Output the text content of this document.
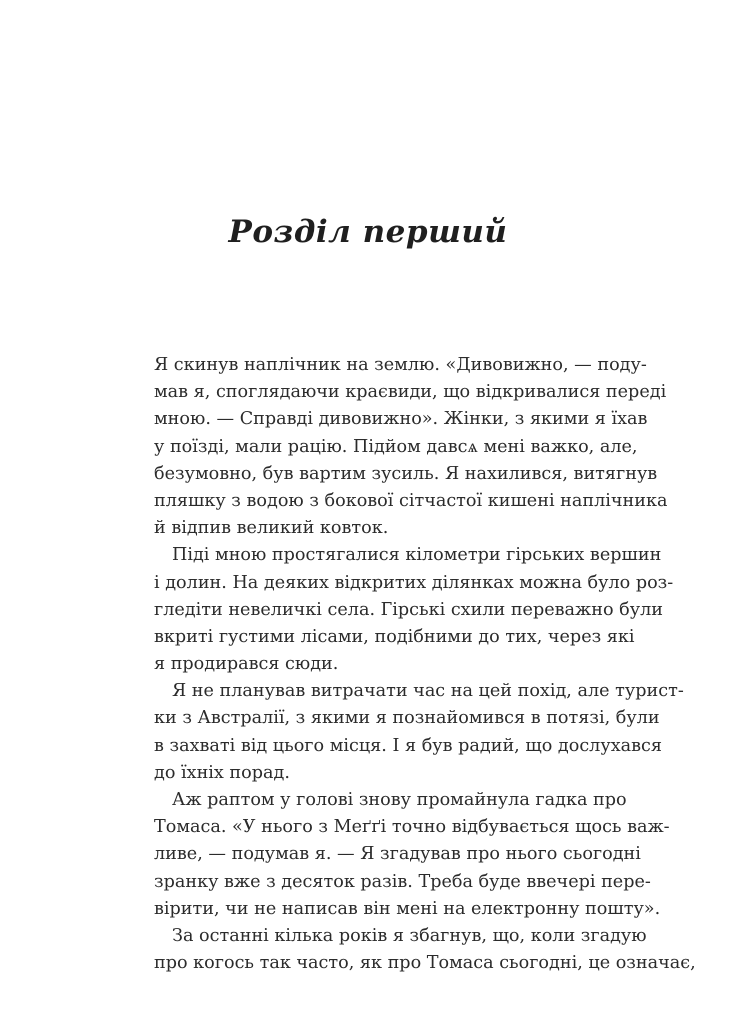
Розділ перший
Я скинув наплічник на землю. «Дивовижно, — поду-
мав я, споглядаючи краєвиди, що відкривалися переді
мною. — Справді дивовижно». Жінки, з якими я їхав
у поїзді, мали рацію. Підйом давсѧ мені важко, але,
безумовно, був вартим зусиль. Я нахилився, витягнув
пляшку з водою з бокової сітчастої кишені наплічника
й відпив великий ковток.
Піді мною простягалися кілометри гірських вершин
і долин. На деяких відкритих ділянках можна було роз-
гледіти невеличкі села. Гірські схили переважно були
вкриті густими лісами, подібними до тих, через які
я продирався сюди.
Я не планував витрачати час на цей похід, але турист-
ки з Австралії, з якими я познайомився в потязі, були
в захваті від цього місця. І я був радий, що дослухався
до їхніх порад.
Аж раптом у голові знову промайнула гадка про
Томаса. «У нього з Меґґі точно відбувається щось важ-
ливе, — подумав я. — Я згадував про нього сьогодні
зранку вже з десяток разів. Треба буде ввечері пере-
вірити, чи не написав він мені на електронну пошту».
За останні кілька років я збагнув, що, коли згадую
про когось так часто, як про Томаса сьогодні, це означає,
